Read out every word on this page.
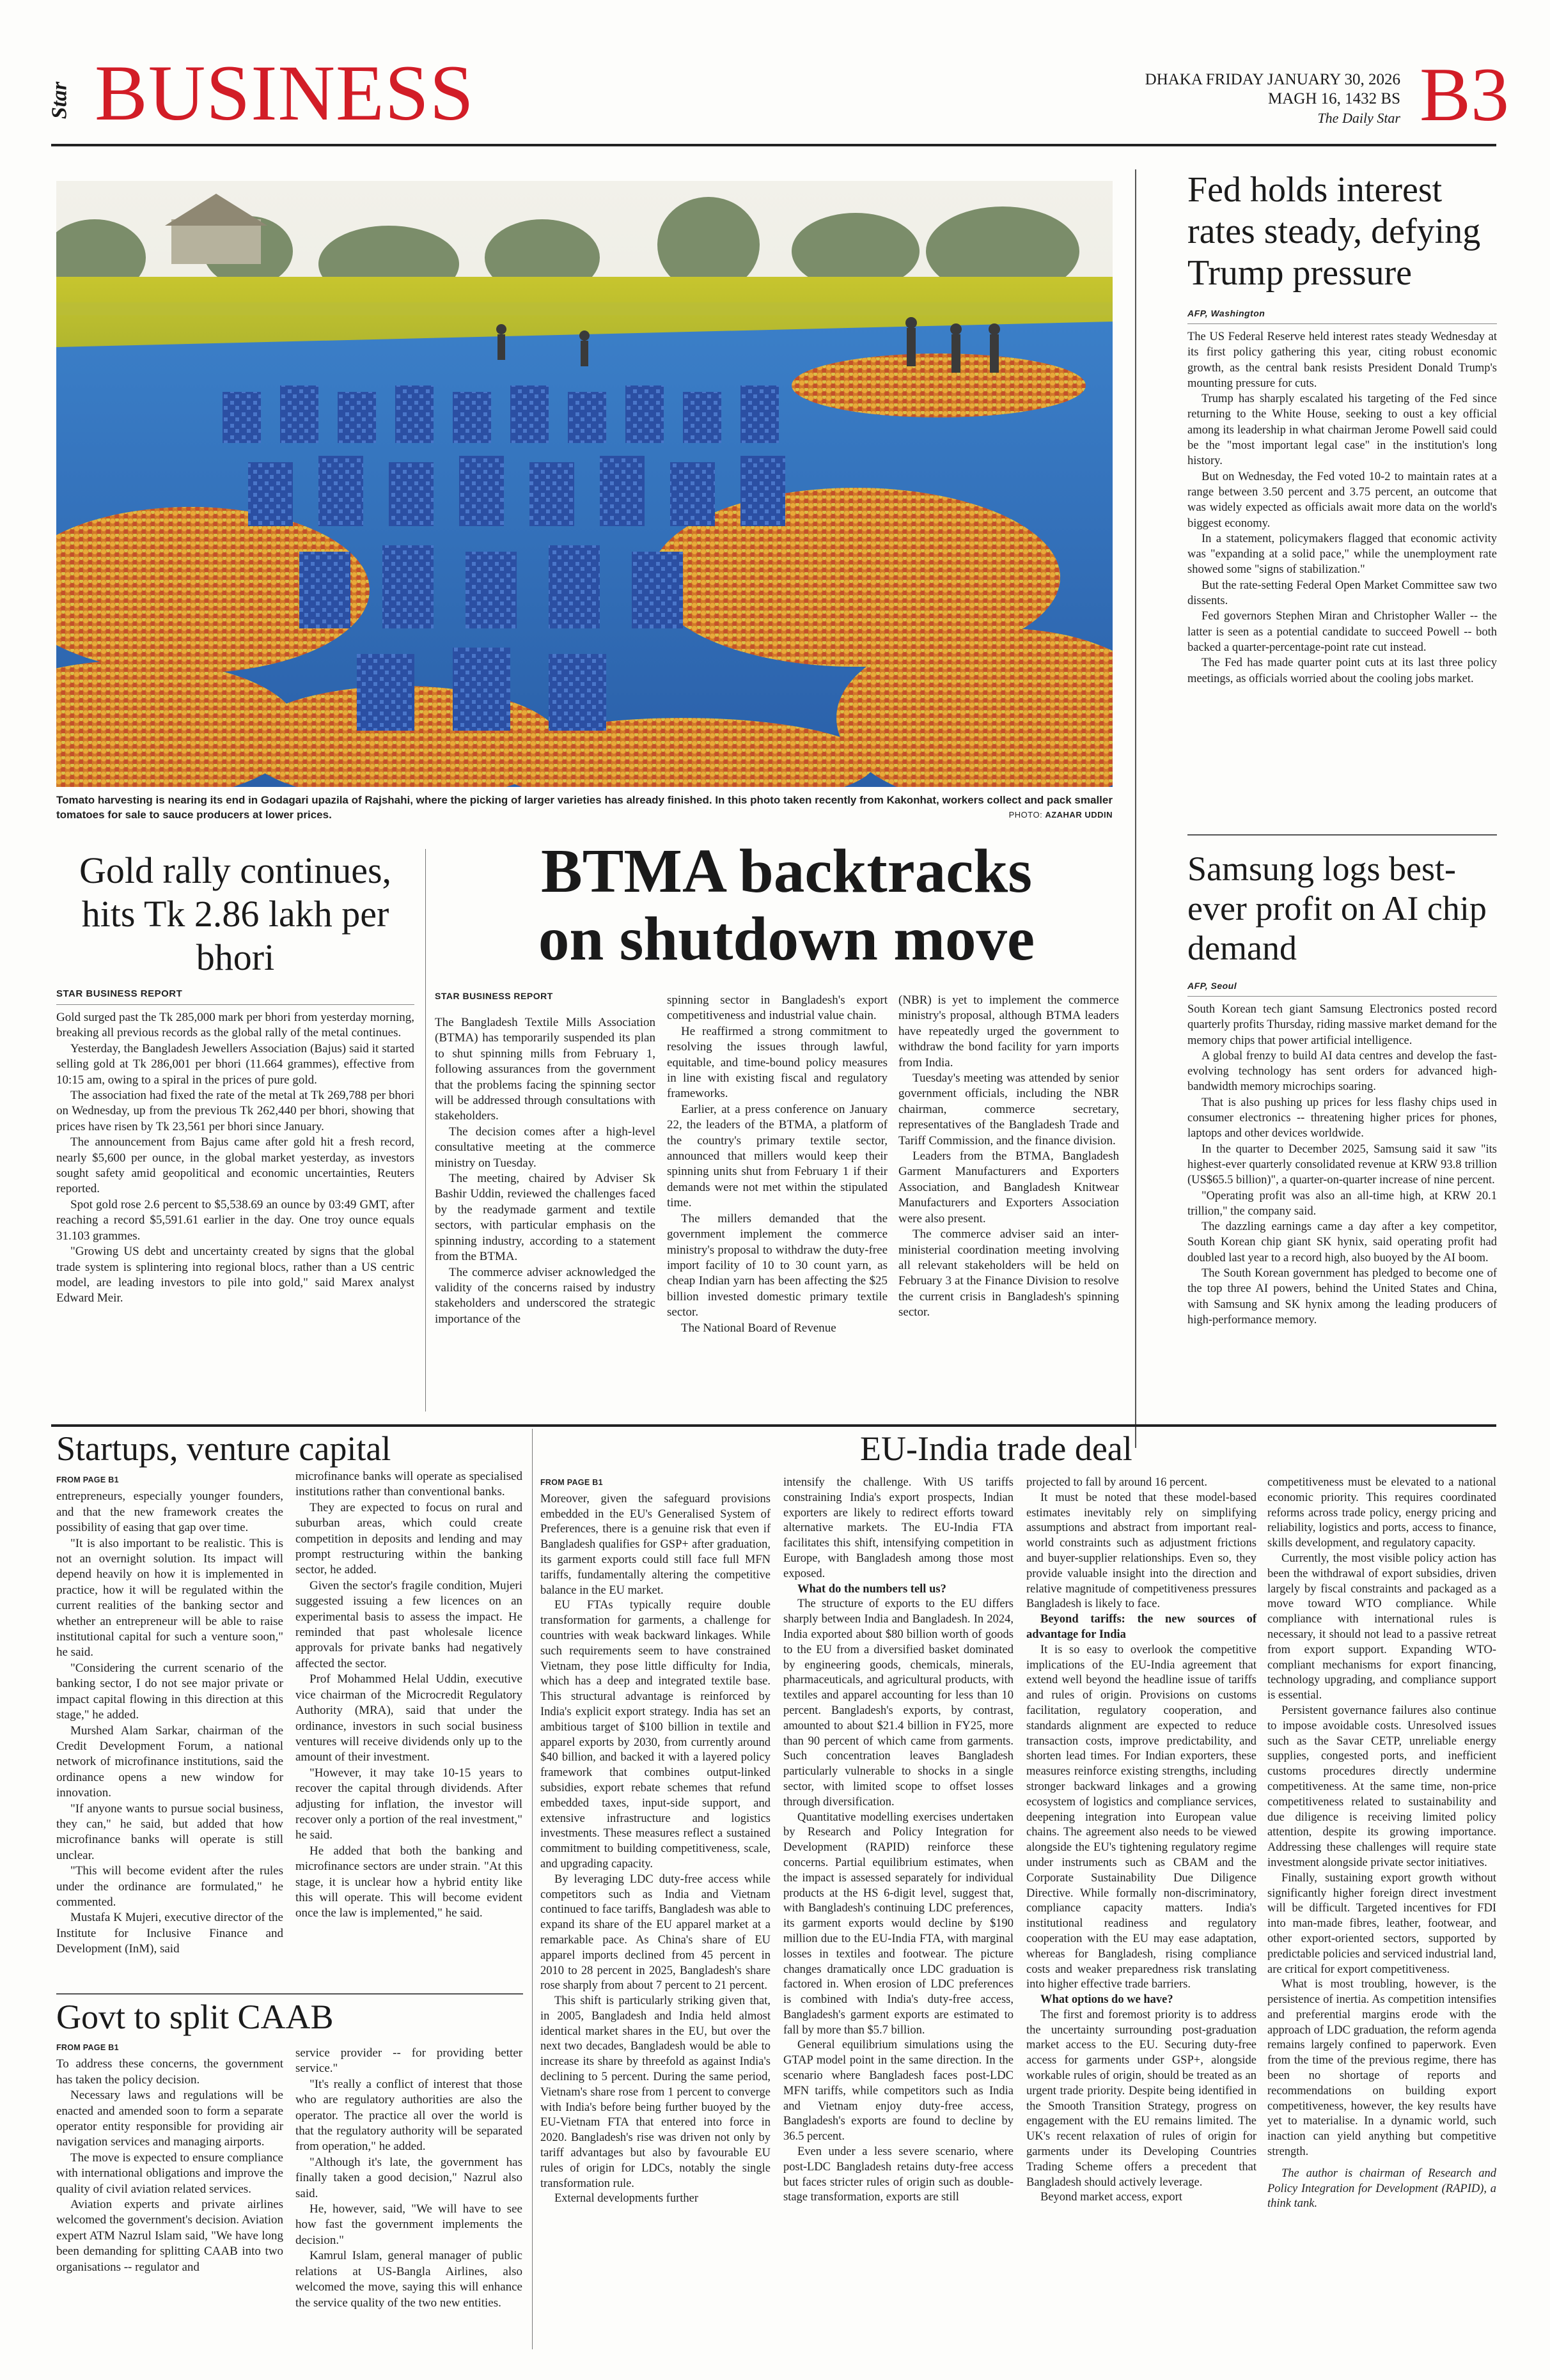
Star BUSINESS	DHAKA FRIDAY JANUARY 30, 2026
MAGH 16, 1432 BS
The Daily Star B3
Tomato harvesting is nearing its end in Godagari upazila of Rajshahi, where the picking of larger varieties has already finished. In this photo taken recently from Kakonhat, workers collect and pack smaller tomatoes for sale to sauce producers at lower prices.	PHOTO: AZAHAR UDDIN
Fed holds interest rates steady, defying Trump pressure
AFP, Washington

The US Federal Reserve held interest rates steady Wednesday at its first policy gathering this year, citing robust economic growth, as the central bank resists President Donald Trump's mounting pressure for cuts.

Trump has sharply escalated his targeting of the Fed since returning to the White House, seeking to oust a key official among its leadership in what chairman Jerome Powell said could be the "most important legal case" in the institution's long history.

But on Wednesday, the Fed voted 10-2 to maintain rates at a range between 3.50 percent and 3.75 percent, an outcome that was widely expected as officials await more data on the world's biggest economy.

In a statement, policymakers flagged that economic activity was "expanding at a solid pace," while the unemployment rate showed some "signs of stabilization."

But the rate-setting Federal Open Market Committee saw two dissents.

Fed governors Stephen Miran and Christopher Waller -- the latter is seen as a potential candidate to succeed Powell -- both backed a quarter-percentage-point rate cut instead.

The Fed has made quarter point cuts at its last three policy meetings, as officials worried about the cooling jobs market.

Samsung logs best-ever profit on AI chip demand
AFP, Seoul

South Korean tech giant Samsung Electronics posted record quarterly profits Thursday, riding massive market demand for the memory chips that power artificial intelligence.

A global frenzy to build AI data centres and develop the fast-evolving technology has sent orders for advanced high-bandwidth memory microchips soaring.

That is also pushing up prices for less flashy chips used in consumer electronics -- threatening higher prices for phones, laptops and other devices worldwide.

In the quarter to December 2025, Samsung said it saw "its highest-ever quarterly consolidated revenue at KRW 93.8 trillion (US$65.5 billion)", a quarter-on-quarter increase of nine percent.

"Operating profit was also an all-time high, at KRW 20.1 trillion," the company said.

The dazzling earnings came a day after a key competitor, South Korean chip giant SK hynix, said operating profit had doubled last year to a record high, also buoyed by the AI boom.

The South Korean government has pledged to become one of the top three AI powers, behind the United States and China, with Samsung and SK hynix among the leading producers of high-performance memory.

Gold rally continues, hits Tk 2.86 lakh per bhori
STAR BUSINESS REPORT

Gold surged past the Tk 285,000 mark per bhori from yesterday morning, breaking all previous records as the global rally of the metal continues.

Yesterday, the Bangladesh Jewellers Association (Bajus) said it started selling gold at Tk 286,001 per bhori (11.664 grammes), effective from 10:15 am, owing to a spiral in the prices of pure gold.

The association had fixed the rate of the metal at Tk 269,788 per bhori on Wednesday, up from the previous Tk 262,440 per bhori, showing that prices have risen by Tk 23,561 per bhori since January.

The announcement from Bajus came after gold hit a fresh record, nearly $5,600 per ounce, in the global market yesterday, as investors sought safety amid geopolitical and economic uncertainties, Reuters reported.

Spot gold rose 2.6 percent to $5,538.69 an ounce by 03:49 GMT, after reaching a record $5,591.61 earlier in the day. One troy ounce equals 31.103 grammes.

"Growing US debt and uncertainty created by signs that the global trade system is splintering into regional blocs, rather than a US centric model, are leading investors to pile into gold," said Marex analyst Edward Meir.

BTMA backtracks on shutdown move
STAR BUSINESS REPORT

The Bangladesh Textile Mills Association (BTMA) has temporarily suspended its plan to shut spinning mills from February 1, following assurances from the government that the problems facing the spinning sector will be addressed through consultations with stakeholders.

The decision comes after a high-level consultative meeting at the commerce ministry on Tuesday.

The meeting, chaired by Adviser Sk Bashir Uddin, reviewed the challenges faced by the readymade garment and textile sectors, with particular emphasis on the spinning industry, according to a statement from the BTMA.

The commerce adviser acknowledged the validity of the concerns raised by industry stakeholders and underscored the strategic importance of the

spinning sector in Bangladesh's export competitiveness and industrial value chain.

He reaffirmed a strong commitment to resolving the issues through lawful, equitable, and time-bound policy measures in line with existing fiscal and regulatory frameworks.

Earlier, at a press conference on January 22, the leaders of the BTMA, a platform of the country's primary textile sector, announced that millers would keep their spinning units shut from February 1 if their demands were not met within the stipulated time.

The millers demanded that the government implement the commerce ministry's proposal to withdraw the duty-free import facility of 10 to 30 count yarn, as cheap Indian yarn has been affecting the $25 billion invested domestic primary textile sector.

The National Board of Revenue

(NBR) is yet to implement the commerce ministry's proposal, although BTMA leaders have repeatedly urged the government to withdraw the bond facility for yarn imports from India.

Tuesday's meeting was attended by senior government officials, including the NBR chairman, commerce secretary, representatives of the Bangladesh Trade and Tariff Commission, and the finance division.

Leaders from the BTMA, Bangladesh Garment Manufacturers and Exporters Association, and Bangladesh Knitwear Manufacturers and Exporters Association were also present.

The commerce adviser said an inter-ministerial coordination meeting involving all relevant stakeholders will be held on February 3 at the Finance Division to resolve the current crisis in Bangladesh's spinning sector.

Startups, venture capital
FROM PAGE B1

entrepreneurs, especially younger founders, and that the new framework creates the possibility of easing that gap over time.

"It is also important to be realistic. This is not an overnight solution. Its impact will depend heavily on how it is implemented in practice, how it will be regulated within the current realities of the banking sector and whether an entrepreneur will be able to raise institutional capital for such a venture soon," he said.

"Considering the current scenario of the banking sector, I do not see major private or impact capital flowing in this direction at this stage," he added.

Murshed Alam Sarkar, chairman of the Credit Development Forum, a national network of microfinance institutions, said the ordinance opens a new window for innovation.

"If anyone wants to pursue social business, they can," he said, but added that how microfinance banks will operate is still unclear.

"This will become evident after the rules under the ordinance are formulated," he commented.

Mustafa K Mujeri, executive director of the Institute for Inclusive Finance and Development (InM), said

microfinance banks will operate as specialised institutions rather than conventional banks.

They are expected to focus on rural and suburban areas, which could create competition in deposits and lending and may prompt restructuring within the banking sector, he added.

Given the sector's fragile condition, Mujeri suggested issuing a few licences on an experimental basis to assess the impact. He reminded that past wholesale licence approvals for private banks had negatively affected the sector.

Prof Mohammed Helal Uddin, executive vice chairman of the Microcredit Regulatory Authority (MRA), said that under the ordinance, investors in such social business ventures will receive dividends only up to the amount of their investment.

"However, it may take 10-15 years to recover the capital through dividends. After adjusting for inflation, the investor will recover only a portion of the real investment," he said.

He added that both the banking and microfinance sectors are under strain. "At this stage, it is unclear how a hybrid entity like this will operate. This will become evident once the law is implemented," he said.

Govt to split CAAB
FROM PAGE B1

To address these concerns, the government has taken the policy decision.

Necessary laws and regulations will be enacted and amended soon to form a separate operator entity responsible for providing air navigation services and managing airports.

The move is expected to ensure compliance with international obligations and improve the quality of civil aviation related services.

Aviation experts and private airlines welcomed the government's decision. Aviation expert ATM Nazrul Islam said, "We have long been demanding for splitting CAAB into two organisations -- regulator and

service provider -- for providing better service."

"It's really a conflict of interest that those who are regulatory authorities are also the operator. The practice all over the world is that the regulatory authority will be separated from operation," he added.

"Although it's late, the government has finally taken a good decision," Nazrul also said.

He, however, said, "We will have to see how fast the government implements the decision."

Kamrul Islam, general manager of public relations at US-Bangla Airlines, also welcomed the move, saying this will enhance the service quality of the two new entities.

EU-India trade deal
FROM PAGE B1

Moreover, given the safeguard provisions embedded in the EU's Generalised System of Preferences, there is a genuine risk that even if Bangladesh qualifies for GSP+ after graduation, its garment exports could still face full MFN tariffs, fundamentally altering the competitive balance in the EU market.

EU FTAs typically require double transformation for garments, a challenge for countries with weak backward linkages. While such requirements seem to have constrained Vietnam, they pose little difficulty for India, which has a deep and integrated textile base. This structural advantage is reinforced by India's explicit export strategy. India has set an ambitious target of $100 billion in textile and apparel exports by 2030, from currently around $40 billion, and backed it with a layered policy framework that combines output-linked subsidies, export rebate schemes that refund embedded taxes, input-side support, and extensive infrastructure and logistics investments. These measures reflect a sustained commitment to building competitiveness, scale, and upgrading capacity.

By leveraging LDC duty-free access while competitors such as India and Vietnam continued to face tariffs, Bangladesh was able to expand its share of the EU apparel market at a remarkable pace. As China's share of EU apparel imports declined from 45 percent in 2010 to 28 percent in 2025, Bangladesh's share rose sharply from about 7 percent to 21 percent.

This shift is particularly striking given that, in 2005, Bangladesh and India held almost identical market shares in the EU, but over the next two decades, Bangladesh would be able to increase its share by threefold as against India's declining to 5 percent. During the same period, Vietnam's share rose from 1 percent to converge with India's before being further buoyed by the EU-Vietnam FTA that entered into force in 2020. Bangladesh's rise was driven not only by tariff advantages but also by favourable EU rules of origin for LDCs, notably the single transformation rule.

External developments further

intensify the challenge. With US tariffs constraining India's export prospects, Indian exporters are likely to redirect efforts toward alternative markets. The EU-India FTA facilitates this shift, intensifying competition in Europe, with Bangladesh among those most exposed.

What do the numbers tell us?

The structure of exports to the EU differs sharply between India and Bangladesh. In 2024, India exported about $80 billion worth of goods to the EU from a diversified basket dominated by engineering goods, chemicals, minerals, pharmaceuticals, and agricultural products, with textiles and apparel accounting for less than 10 percent. Bangladesh's exports, by contrast, amounted to about $21.4 billion in FY25, more than 90 percent of which came from garments. Such concentration leaves Bangladesh particularly vulnerable to shocks in a single sector, with limited scope to offset losses through diversification.

Quantitative modelling exercises undertaken by Research and Policy Integration for Development (RAPID) reinforce these concerns. Partial equilibrium estimates, when the impact is assessed separately for individual products at the HS 6-digit level, suggest that, with Bangladesh's continuing LDC preferences, its garment exports would decline by $190 million due to the EU-India FTA, with marginal losses in textiles and footwear. The picture changes dramatically once LDC graduation is factored in. When erosion of LDC preferences is combined with India's duty-free access, Bangladesh's garment exports are estimated to fall by more than $5.7 billion.

General equilibrium simulations using the GTAP model point in the same direction. In the scenario where Bangladesh faces post-LDC MFN tariffs, while competitors such as India and Vietnam enjoy duty-free access, Bangladesh's exports are found to decline by 36.5 percent.

Even under a less severe scenario, where post-LDC Bangladesh retains duty-free access but faces stricter rules of origin such as double-stage transformation, exports are still

projected to fall by around 16 percent.

It must be noted that these model-based estimates inevitably rely on simplifying assumptions and abstract from important real-world constraints such as adjustment frictions and buyer-supplier relationships. Even so, they provide valuable insight into the direction and relative magnitude of competitiveness pressures Bangladesh is likely to face.

Beyond tariffs: the new sources of advantage for India

It is so easy to overlook the competitive implications of the EU-India agreement that extend well beyond the headline issue of tariffs and rules of origin. Provisions on customs facilitation, regulatory cooperation, and standards alignment are expected to reduce transaction costs, improve predictability, and shorten lead times. For Indian exporters, these measures reinforce existing strengths, including stronger backward linkages and a growing ecosystem of logistics and compliance services, deepening integration into European value chains. The agreement also needs to be viewed alongside the EU's tightening regulatory regime under instruments such as CBAM and the Corporate Sustainability Due Diligence Directive. While formally non-discriminatory, compliance capacity matters. India's institutional readiness and regulatory cooperation with the EU may ease adaptation, whereas for Bangladesh, rising compliance costs and weaker preparedness risk translating into higher effective trade barriers.

What options do we have?

The first and foremost priority is to address the uncertainty surrounding post-graduation market access to the EU. Securing duty-free access for garments under GSP+, alongside workable rules of origin, should be treated as an urgent trade priority. Despite being identified in the Smooth Transition Strategy, progress on engagement with the EU remains limited. The UK's recent relaxation of rules of origin for garments under its Developing Countries Trading Scheme offers a precedent that Bangladesh should actively leverage.

Beyond market access, export

competitiveness must be elevated to a national economic priority. This requires coordinated reforms across trade policy, energy pricing and reliability, logistics and ports, access to finance, skills development, and regulatory capacity.

Currently, the most visible policy action has been the withdrawal of export subsidies, driven largely by fiscal constraints and packaged as a move toward WTO compliance. While compliance with international rules is necessary, it should not lead to a passive retreat from export support. Expanding WTO-compliant mechanisms for export financing, technology upgrading, and compliance support is essential.

Persistent governance failures also continue to impose avoidable costs. Unresolved issues such as the Savar CETP, unreliable energy supplies, congested ports, and inefficient customs procedures directly undermine competitiveness. At the same time, non-price competitiveness related to sustainability and due diligence is receiving limited policy attention, despite its growing importance. Addressing these challenges will require state investment alongside private sector initiatives.

Finally, sustaining export growth without significantly higher foreign direct investment will be difficult. Targeted incentives for FDI into man-made fibres, leather, footwear, and other export-oriented sectors, supported by predictable policies and serviced industrial land, are critical for export competitiveness.

What is most troubling, however, is the persistence of inertia. As competition intensifies and preferential margins erode with the approach of LDC graduation, the reform agenda remains largely confined to paperwork. Even from the time of the previous regime, there has been no shortage of reports and recommendations on building export competitiveness, however, the key results have yet to materialise. In a dynamic world, such inaction can yield anything but competitive strength.

The author is chairman of Research and Policy Integration for Development (RAPID), a think tank.
